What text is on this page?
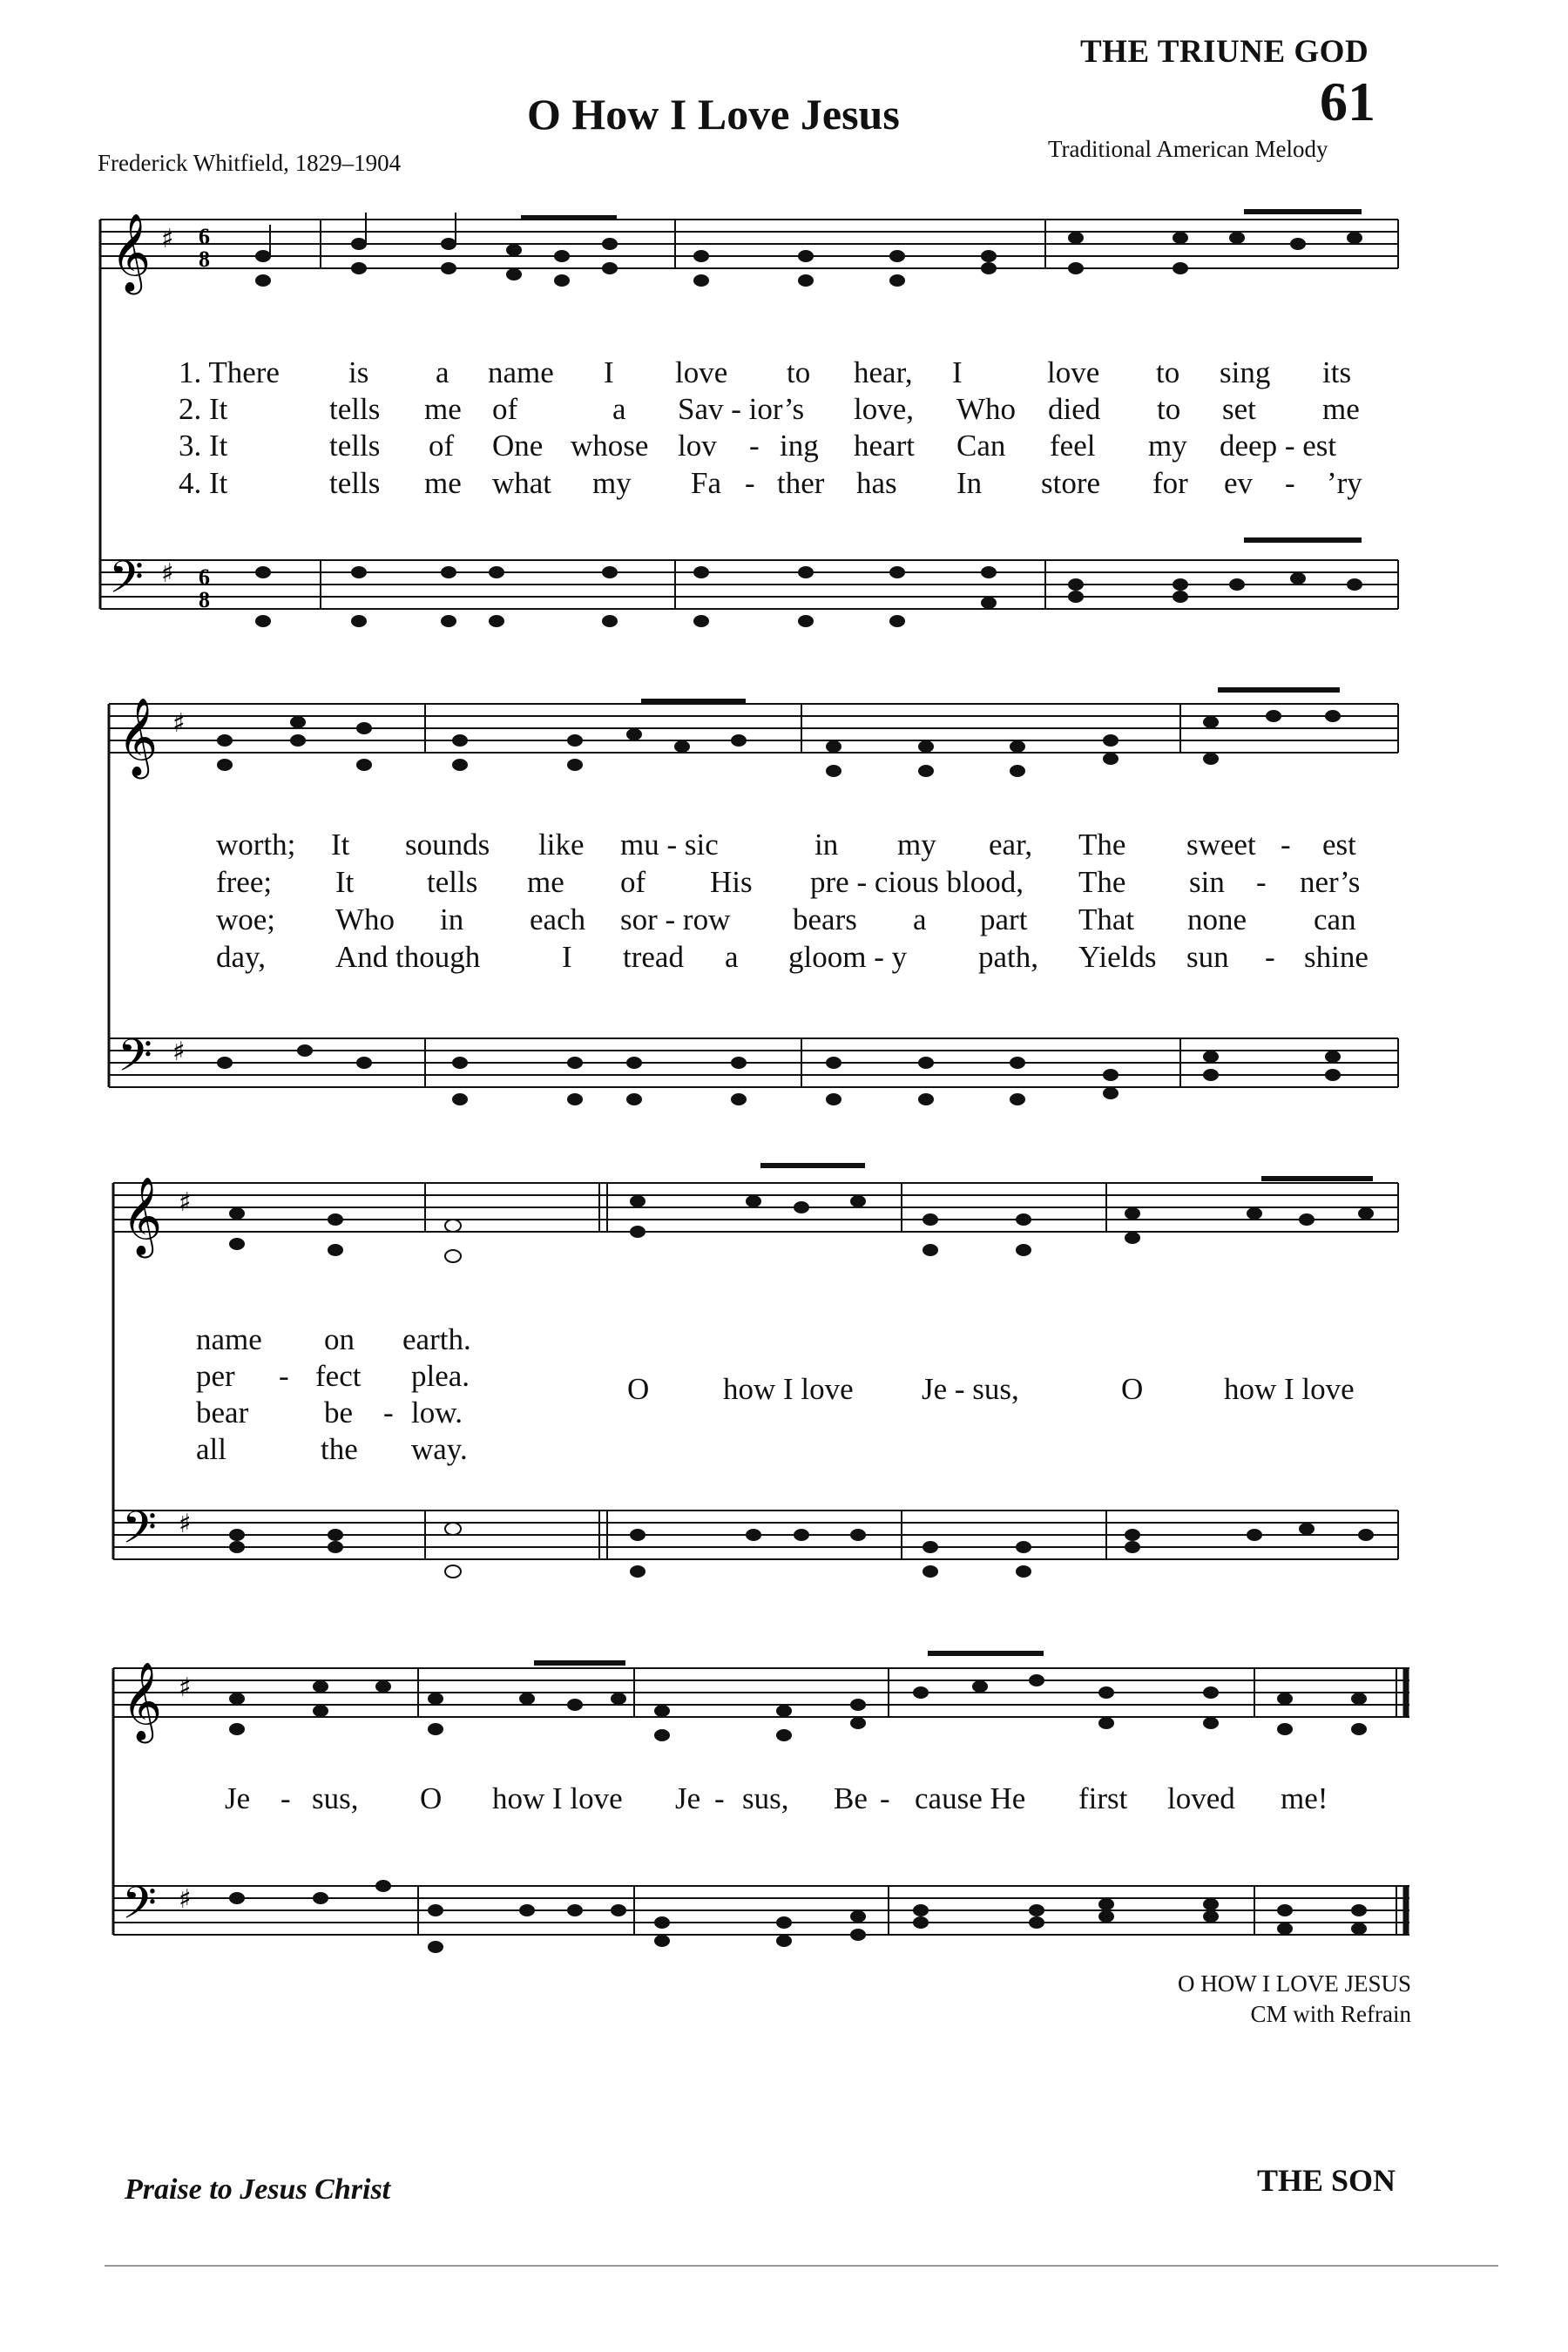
THE TRIUNE GOD
61
O How I Love Jesus
Frederick Whitfield, 1829–1904
Traditional American Melody
𝄞
𝄢
♯
♯
6
8
6
8
1. There is a name I love to hear, I	love to sing its
2. It	tells me of	a Sav - ior’s love, Who died to set me
3. It	tells of One whose lov - ing heart Can feel my deep - est
4. It	tells me what my Fa - ther has In store for ev - ’ry
𝄞
𝄢
♯
♯
worth; It sounds like mu - sic	in my ear, The sweet - est
free; It tells me of His pre - cious blood, The sin - ner’s
woe; Who in each sor - row bears a part That none can
day, And though	I tread a gloom - y path, Yields sun - shine
𝄞
𝄢
♯
♯
name on earth.
per - fect plea.
bear be - low.
all	the way.
O how I love Je - sus,	O	how I love
𝄞
𝄢
♯
♯
Je - sus, O how I love Je - sus, Be - cause He first loved me!
O HOW I LOVE JESUS
CM with Refrain
Praise to Jesus Christ	THE SON
